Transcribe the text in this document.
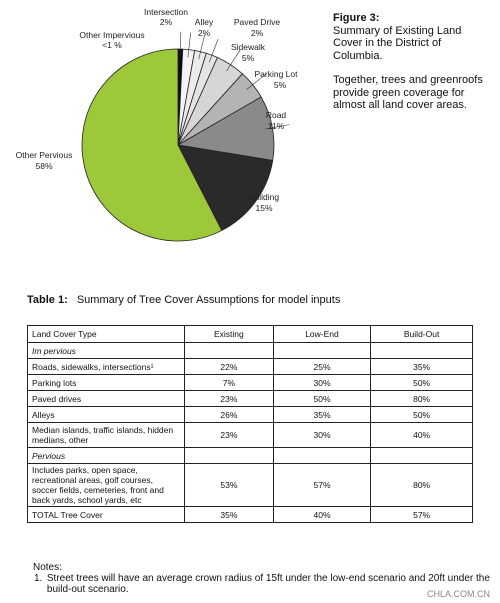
Intersection
2%
Other Impervious
<1 %
Alley
2%
Paved Drive
2%
Sidewalk
5%
Parking Lot
5%
Road
11%
Building
15%
Other Pervious
58%

Figure 3:

Summary of Existing Land Cover in the District of Columbia.

Together, trees and greenroofs provide green coverage for almost all land cover areas.

Table 1: Summary of Tree Cover Assumptions for model inputs
Land Cover Type	Existing	Low-End	Build-Out
Im pervious			
Roads, sidewalks, intersections¹	22%	25%	35%
Parking lots	7%	30%	50%
Paved drives	23%	50%	80%
Alleys	26%	35%	50%
Median islands, traffic islands, hidden medians, other	23%	30%	40%
Pervious			
Includes parks, open space, recreational areas, golf courses, soccer fields, cemeteries, front and back yards, school yards, etc	53%	57%	80%
TOTAL Tree Cover	35%	40%	57%
Notes:
1. Street trees will have an average crown radius of 15ft under the low-end scenario and 20ft under the build-out scenario.	CHLA.COM.CN
